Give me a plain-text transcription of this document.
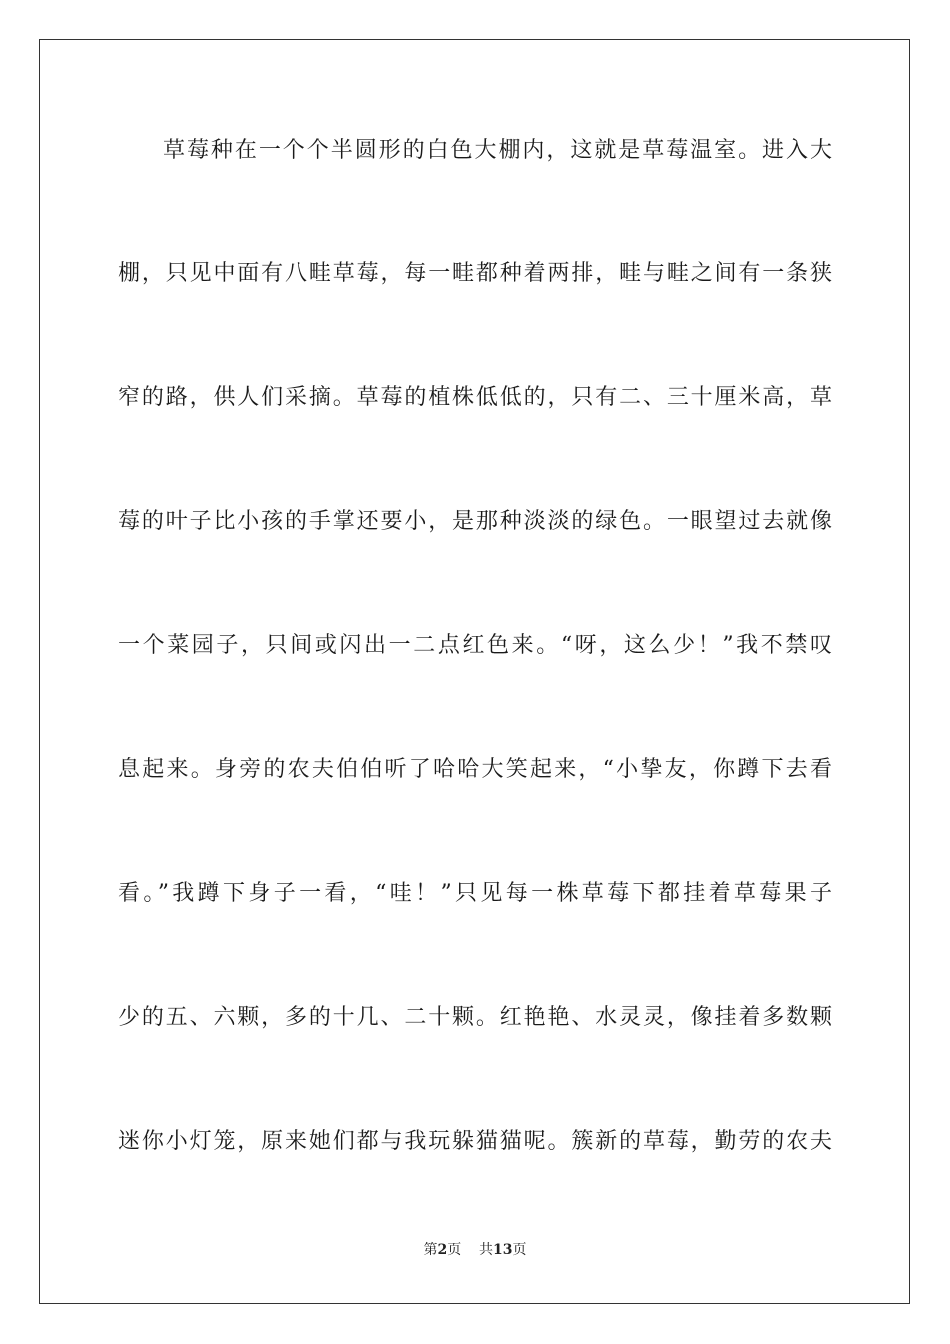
草莓种在一个个半圆形的白色大棚内，这就是草莓温室。进入大

棚，只见中面有八畦草莓，每一畦都种着两排，畦与畦之间有一条狭

窄的路，供人们采摘。草莓的植株低低的，只有二、三十厘米高，草

莓的叶子比小孩的手掌还要小，是那种淡淡的绿色。一眼望过去就像

一个菜园子，只间或闪出一二点红色来。“呀，这么少！”我不禁叹

息起来。身旁的农夫伯伯听了哈哈大笑起来，“小挚友，你蹲下去看

看。”我蹲下身子一看，“哇！”只见每一株草莓下都挂着草莓果子

少的五、六颗，多的十几、二十颗。红艳艳、水灵灵，像挂着多数颗

迷你小灯笼，原来她们都与我玩躲猫猫呢。簇新的草莓，勤劳的农夫

第2页 共13页
